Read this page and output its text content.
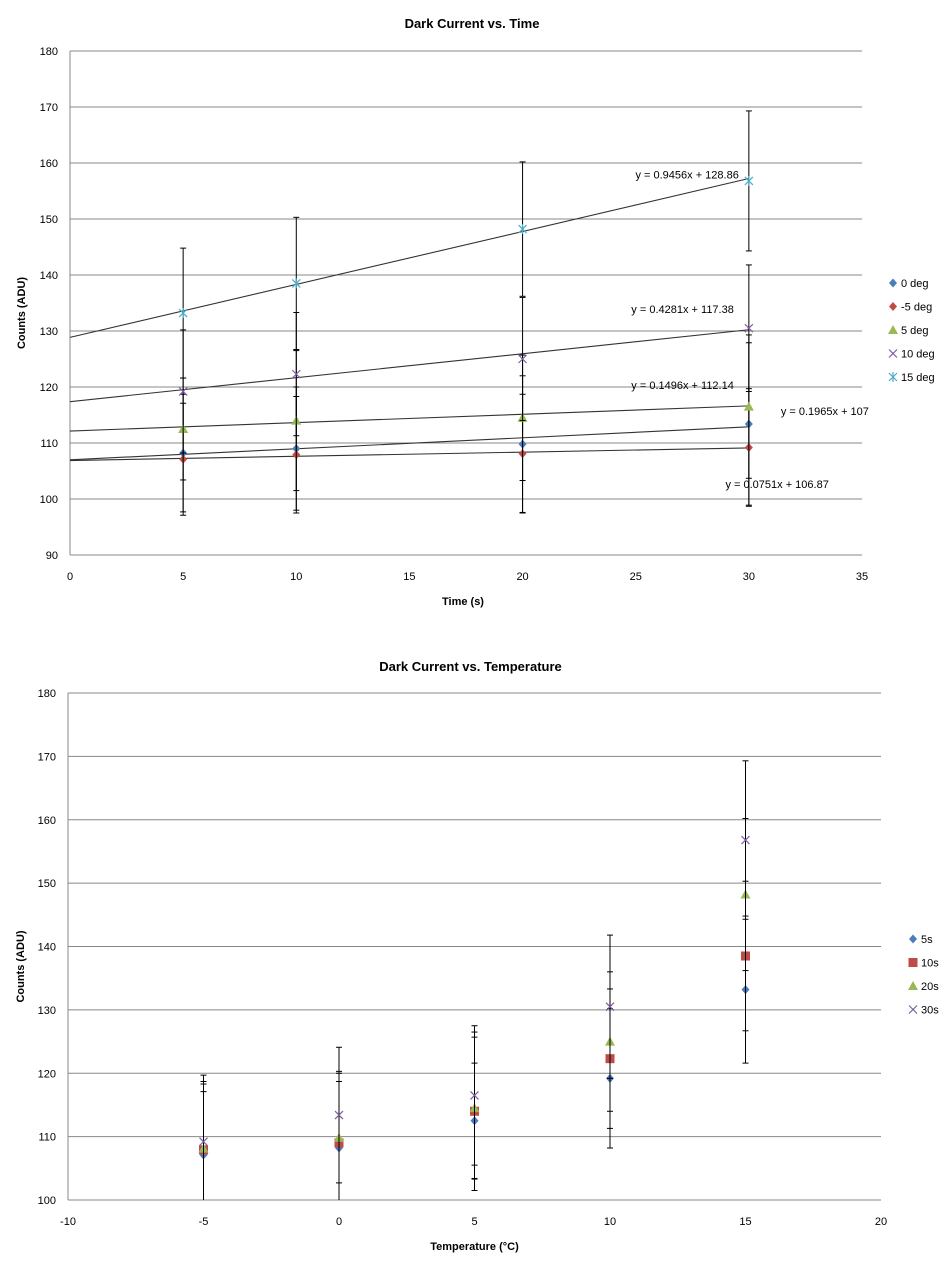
Dark Current vs. Time
90
100
110
120
130
140
150
160
170
180
0	5	10	15	20	25	30	35
Time (s)
Counts (ADU)
y = 0.1965x + 107
y = 0.0751x + 106.87
y = 0.1496x + 112.14
y = 0.4281x + 117.38
y = 0.9456x + 128.86
0 deg
-5 deg
5 deg
10 deg
15 deg
Dark Current vs. Temperature
100
110
120
130
140
150
160
170
180
-10	-5	0	5	10	15	20
Temperature (°C)
Counts (ADU)	5s
10s
20s
30s
